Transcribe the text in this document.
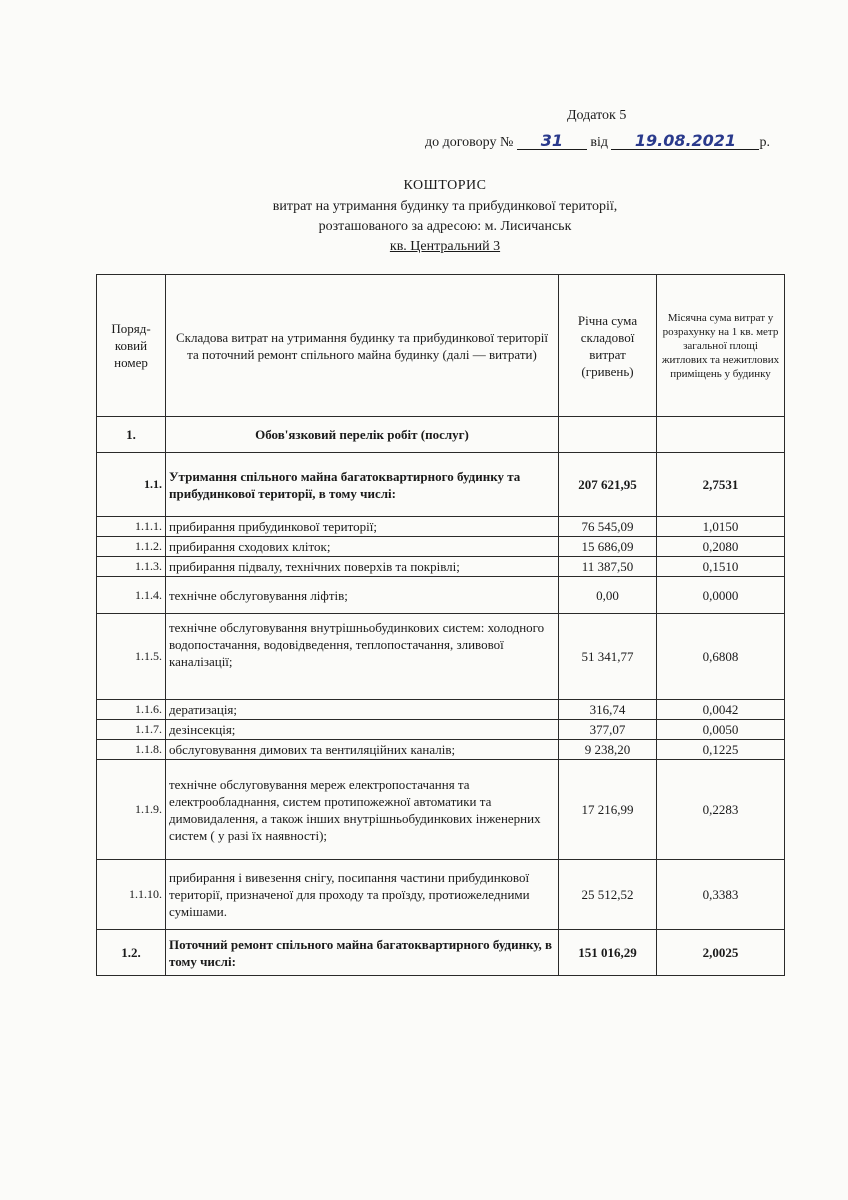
Додаток 5
до договору № 31 від 19.08.2021 р.
КОШТОРИС
витрат на утримання будинку та прибудинкової території,
розташованого за адресою: м. Лисичанськ
кв. Центральний 3
Поряд-ковий номер	Складова витрат на утримання будинку та прибудинкової території та поточний ремонт спільного майна будинку (далі — витрати)	Річна сума складової витрат (гривень)	Місячна сума витрат у розрахунку на 1 кв. метр загальної площі житлових та нежитлових приміщень у будинку
1.	Обов'язковий перелік робіт (послуг)		
1.1.	Утримання спільного майна багатоквартирного будинку та прибудинкової території, в тому числі:	207 621,95	2,7531
1.1.1.	прибирання прибудинкової території;	76 545,09	1,0150
1.1.2.	прибирання сходових кліток;	15 686,09	0,2080
1.1.3.	прибирання підвалу, технічних поверхів та покрівлі;	11 387,50	0,1510
1.1.4.	технічне обслуговування ліфтів;	0,00	0,0000
1.1.5.	технічне обслуговування внутрішньобудинкових систем: холодного водопостачання, водовідведення, теплопостачання, зливової каналізації;	51 341,77	0,6808
1.1.6.	дератизація;	316,74	0,0042
1.1.7.	дезінсекція;	377,07	0,0050
1.1.8.	обслуговування димових та вентиляційних каналів;	9 238,20	0,1225
1.1.9.	технічне обслуговування мереж електропостачання та електрообладнання, систем протипожежної автоматики та димовидалення, а також інших внутрішньобудинкових інженерних систем ( у разі їх наявності);	17 216,99	0,2283
1.1.10.	прибирання і вивезення снігу, посипання частини прибудинкової території, призначеної для проходу та проїзду, протиожеледними сумішами.	25 512,52	0,3383
1.2.	Поточний ремонт спільного майна багатоквартирного будинку, в тому числі:	151 016,29	2,0025
